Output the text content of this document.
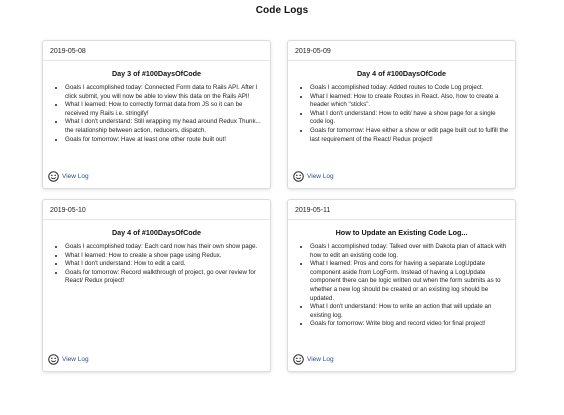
Code Logs
2019-05-08
Day 3 of #100DaysOfCode
• Goals I accomplished today: Connected Form data to Rails API. After I click submit, you will now be able to view this data on the Rails API!
• What I learned: How to correctly format data from JS so it can be received my Rails i.e. stringify!
• What I don't understand: Still wrapping my head around Redux Thunk... the relationship between action, reducers, dispatch.
• Goals for tomorrow: Have at least one other route built out!
View Log
2019-05-09
Day 4 of #100DaysOfCode
• Goals I accomplished today: Added routes to Code Log project.
• What I learned: How to create Routes in React. Also, how to create a header which "sticks".
• What I don't understand: How to edit/ have a show page for a single code log.
• Goals for tomorrow: Have either a show or edit page built out to fulfill the last requirement of the React/ Redux project!
View Log
2019-05-10
Day 4 of #100DaysOfCode
• Goals I accomplished today: Each card now has their own show page.
• What I learned: How to create a show page using Redux.
• What I don't understand: How to edit a card.
• Goals for tomorrow: Record walkthrough of project, go over review for React/ Redux project!
View Log
2019-05-11
How to Update an Existing Code Log...
• Goals I accomplished today: Talked over with Dakota plan of attack with how to edit an existing code log.
• What I learned: Pros and cons for having a separate LogUpdate component aside from LogForm. Instead of having a LogUpdate component there can be logic written out when the form submits as to whether a new log should be created or an existing log should be updated.
• What I don't understand: How to write an action that will update an existing log.
• Goals for tomorrow: Write blog and record video for final project!
View Log
